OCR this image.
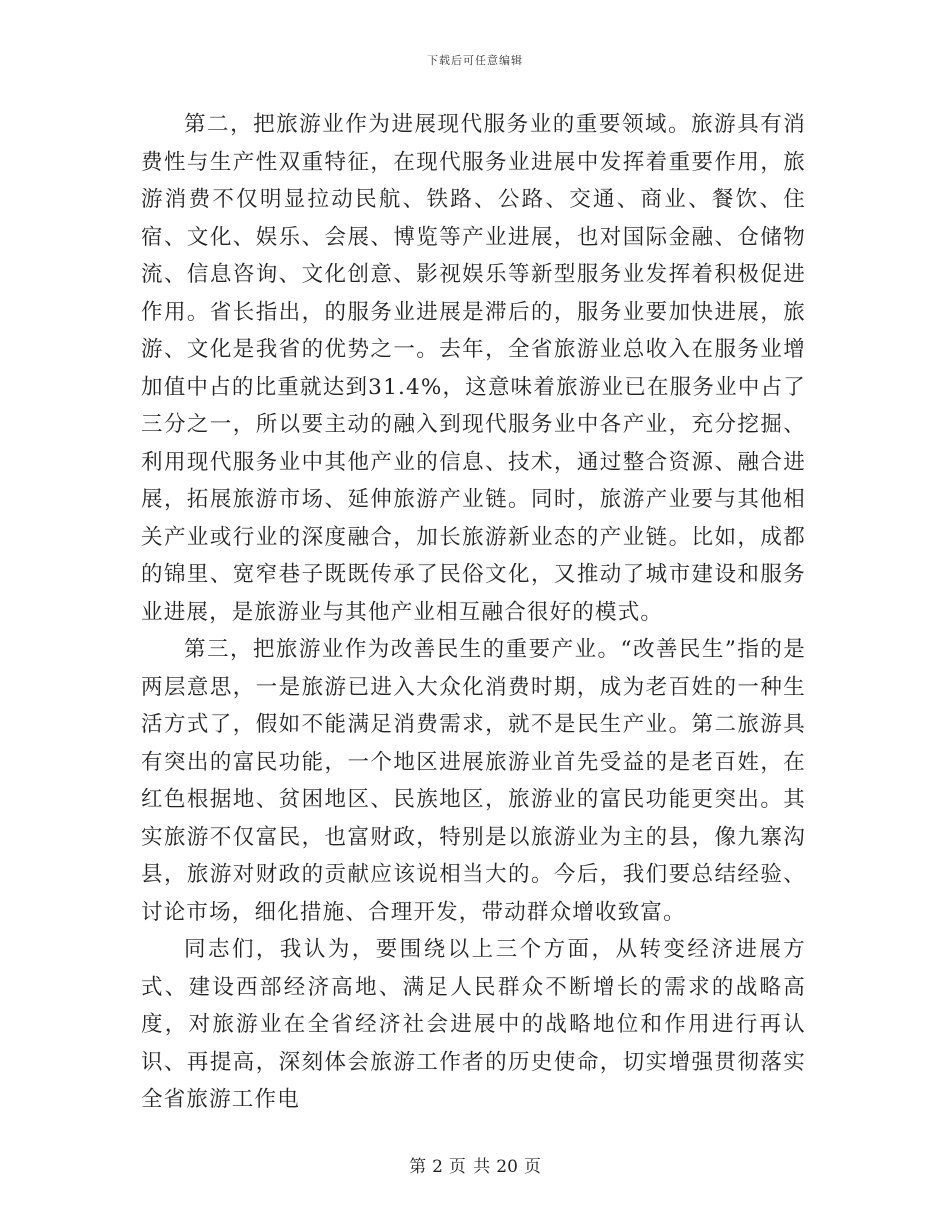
下载后可任意编辑

第二，把旅游业作为进展现代服务业的重要领域。旅游具有消费性与生产性双重特征，在现代服务业进展中发挥着重要作用，旅游消费不仅明显拉动民航、铁路、公路、交通、商业、餐饮、住宿、文化、娱乐、会展、博览等产业进展，也对国际金融、仓储物流、信息咨询、文化创意、影视娱乐等新型服务业发挥着积极促进作用。省长指出，的服务业进展是滞后的，服务业要加快进展，旅游、文化是我省的优势之一。去年，全省旅游业总收入在服务业增加值中占的比重就达到31.4%，这意味着旅游业已在服务业中占了三分之一，所以要主动的融入到现代服务业中各产业，充分挖掘、利用现代服务业中其他产业的信息、技术，通过整合资源、融合进展，拓展旅游市场、延伸旅游产业链。同时，旅游产业要与其他相关产业或行业的深度融合，加长旅游新业态的产业链。比如，成都的锦里、宽窄巷子既既传承了民俗文化，又推动了城市建设和服务业进展，是旅游业与其他产业相互融合很好的模式。

第三，把旅游业作为改善民生的重要产业。“改善民生”指的是两层意思，一是旅游已进入大众化消费时期，成为老百姓的一种生活方式了，假如不能满足消费需求，就不是民生产业。第二旅游具有突出的富民功能，一个地区进展旅游业首先受益的是老百姓，在红色根据地、贫困地区、民族地区，旅游业的富民功能更突出。其实旅游不仅富民，也富财政，特别是以旅游业为主的县，像九寨沟县，旅游对财政的贡献应该说相当大的。今后，我们要总结经验、讨论市场，细化措施、合理开发，带动群众增收致富。

同志们，我认为，要围绕以上三个方面，从转变经济进展方式、建设西部经济高地、满足人民群众不断增长的需求的战略高度，对旅游业在全省经济社会进展中的战略地位和作用进行再认识、再提高，深刻体会旅游工作者的历史使命，切实增强贯彻落实全省旅游工作电

第 2 页 共 20 页
